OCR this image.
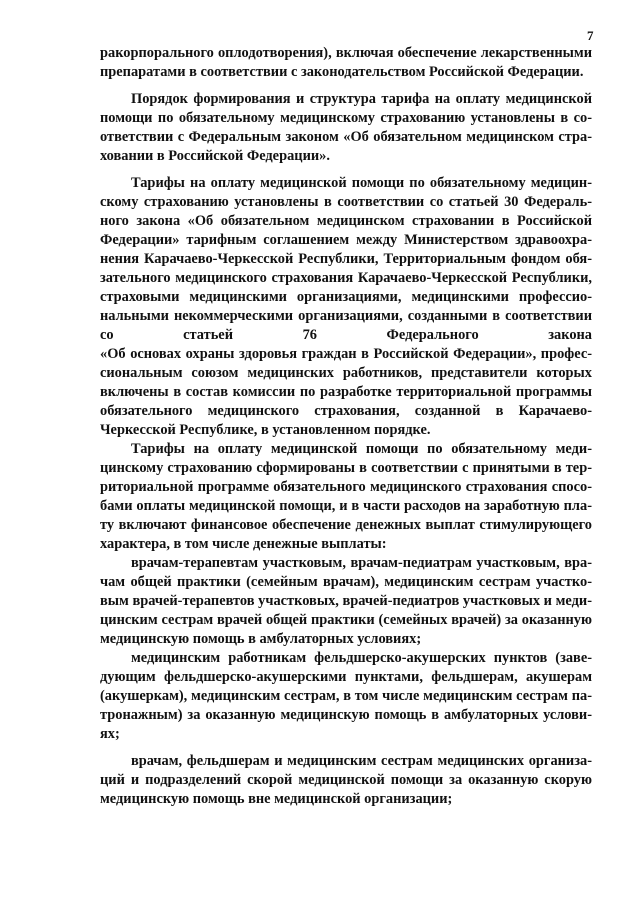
7
ракорпорального оплодотворения), включая обеспечение лекарственными
препаратами в соответствии с законодательством Российской Федерации.
Порядок формирования и структура тарифа на оплату медицинской
помощи по обязательному медицинскому страхованию установлены в со-
ответствии с Федеральным законом «Об обязательном медицинском стра-
ховании в Российской Федерации».
Тарифы на оплату медицинской помощи по обязательному медицин-
скому страхованию установлены в соответствии со статьей 30 Федераль-
ного закона «Об обязательном медицинском страховании в Российской
Федерации» тарифным соглашением между Министерством здравоохра-
нения Карачаево-Черкесской Республики, Территориальным фондом обя-
зательного медицинского страхования Карачаево-Черкесской Республики,
страховыми медицинскими организациями, медицинскими профессио-
нальными некоммерческими организациями, созданными в соответствии
со статьей 76 Федерального закона
«Об основах охраны здоровья граждан в Российской Федерации», профес-
сиональным союзом медицинских работников, представители которых
включены в состав комиссии по разработке территориальной программы
обязательного медицинского страхования, созданной в Карачаево-
Черкесской Республике, в установленном порядке.
Тарифы на оплату медицинской помощи по обязательному меди-
цинскому страхованию сформированы в соответствии с принятыми в тер-
риториальной программе обязательного медицинского страхования спосо-
бами оплаты медицинской помощи, и в части расходов на заработную пла-
ту включают финансовое обеспечение денежных выплат стимулирующего
характера, в том числе денежные выплаты:
врачам-терапевтам участковым, врачам-педиатрам участковым, вра-
чам общей практики (семейным врачам), медицинским сестрам участко-
вым врачей-терапевтов участковых, врачей-педиатров участковых и меди-
цинским сестрам врачей общей практики (семейных врачей) за оказанную
медицинскую помощь в амбулаторных условиях;
медицинским работникам фельдшерско-акушерских пунктов (заве-
дующим фельдшерско-акушерскими пунктами, фельдшерам, акушерам
(акушеркам), медицинским сестрам, в том числе медицинским сестрам па-
тронажным) за оказанную медицинскую помощь в амбулаторных услови-
ях;
врачам, фельдшерам и медицинским сестрам медицинских организа-
ций и подразделений скорой медицинской помощи за оказанную скорую
медицинскую помощь вне медицинской организации;
